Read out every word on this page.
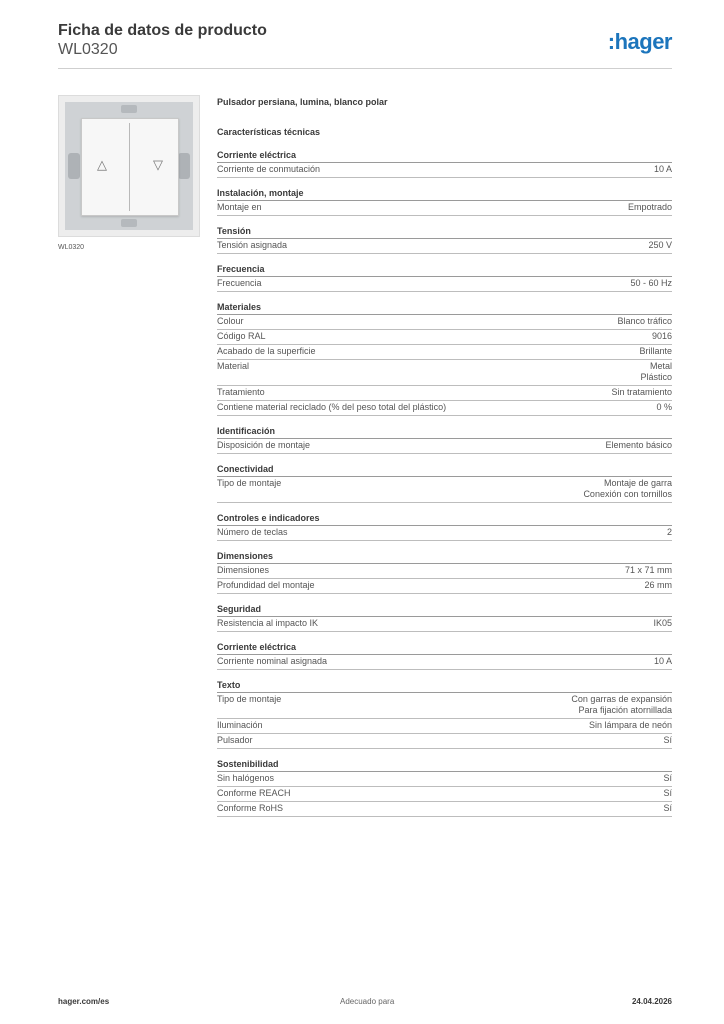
Ficha de datos de producto
WL0320	:hager
△	▽
WL0320
Pulsador persiana, lumina, blanco polar
Características técnicas
Corriente eléctrica
Corriente de conmutación	10 A
Instalación, montaje
Montaje en	Empotrado
Tensión
Tensión asignada	250 V
Frecuencia
Frecuencia	50 - 60 Hz
Materiales
Colour	Blanco tráfico
Código RAL	9016
Acabado de la superficie	Brillante
Material	Metal
Plástico
Tratamiento	Sin tratamiento
Contiene material reciclado (% del peso total del plástico)	0 %
Identificación
Disposición de montaje	Elemento básico
Conectividad
Tipo de montaje	Montaje de garra
Conexión con tornillos
Controles e indicadores
Número de teclas	2
Dimensiones
Dimensiones	71 x 71 mm
Profundidad del montaje	26 mm
Seguridad
Resistencia al impacto IK	IK05
Corriente eléctrica
Corriente nominal asignada	10 A
Texto
Tipo de montaje	Con garras de expansión
Para fijación atornillada
Iluminación	Sin lámpara de neón
Pulsador	Sí
Sostenibilidad
Sin halógenos	Sí
Conforme REACH	Sí
Conforme RoHS	Sí
hager.com/es	Adecuado para	24.04.2026
